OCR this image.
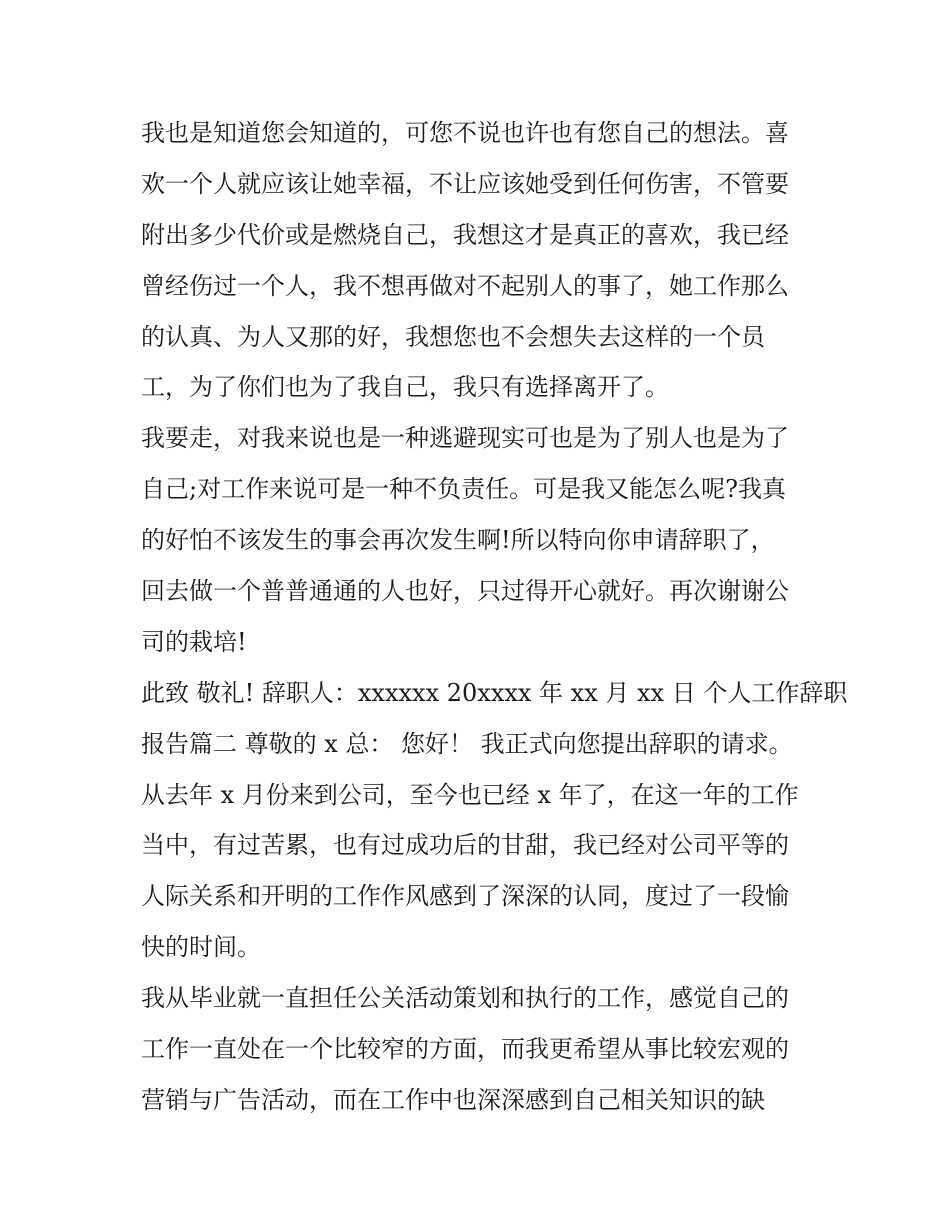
我也是知道您会知道的，可您不说也许也有您自己的想法。喜
欢一个人就应该让她幸福，不让应该她受到任何伤害，不管要
附出多少代价或是燃烧自己，我想这才是真正的喜欢，我已经
曾经伤过一个人，我不想再做对不起别人的事了，她工作那么
的认真、为人又那的好，我想您也不会想失去这样的一个员
工，为了你们也为了我自己，我只有选择离开了。
我要走，对我来说也是一种逃避现实可也是为了别人也是为了
自己;对工作来说可是一种不负责任。可是我又能怎么呢?我真
的好怕不该发生的事会再次发生啊!所以特向你申请辞职了，
回去做一个普普通通的人也好，只过得开心就好。再次谢谢公
司的栽培!
此致 敬礼! 辞职人：xxxxxx 20xxxx 年 xx 月 xx 日 个人工作辞职
报告篇二 尊敬的 x 总： 您好！ 我正式向您提出辞职的请求。
从去年 x 月份来到公司，至今也已经 x 年了，在这一年的工作
当中，有过苦累，也有过成功后的甘甜，我已经对公司平等的
人际关系和开明的工作作风感到了深深的认同，度过了一段愉
快的时间。
我从毕业就一直担任公关活动策划和执行的工作，感觉自己的
工作一直处在一个比较窄的方面，而我更希望从事比较宏观的
营销与广告活动，而在工作中也深深感到自己相关知识的缺
